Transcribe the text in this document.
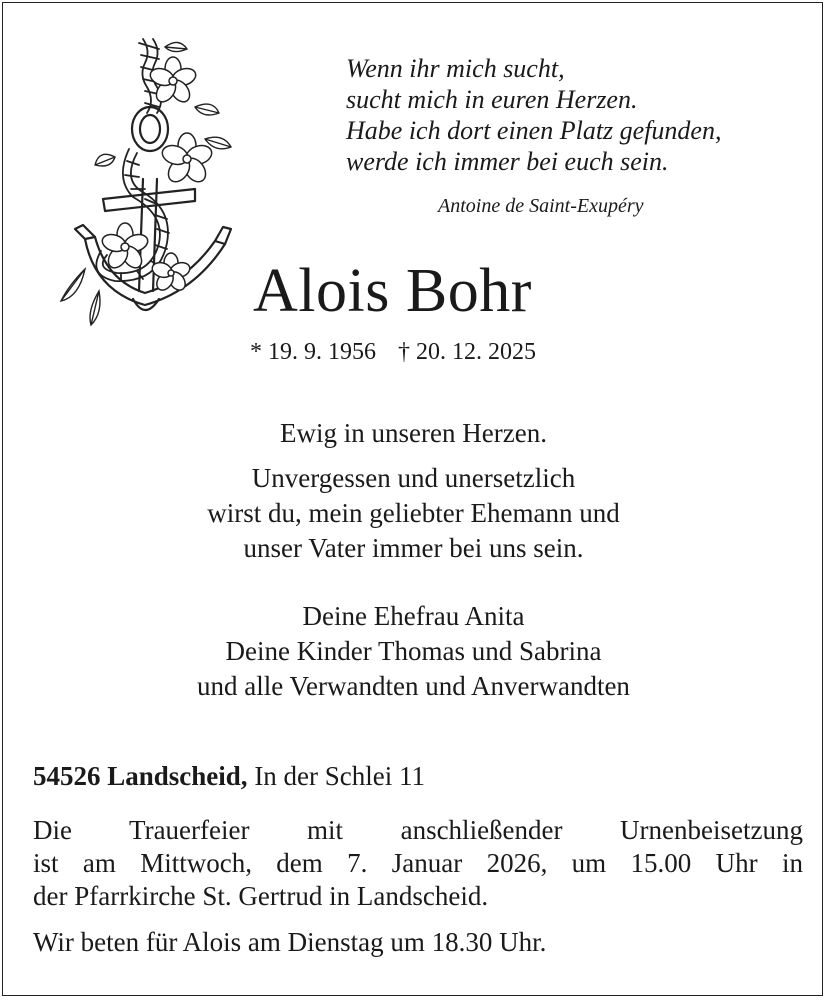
Wenn ihr mich sucht,
sucht mich in euren Herzen.
Habe ich dort einen Platz gefunden,
werde ich immer bei euch sein.
Antoine de Saint-Exupéry
Alois Bohr
* 19. 9. 1956 † 20. 12. 2025
Ewig in unseren Herzen.
Unvergessen und unersetzlich
wirst du, mein geliebter Ehemann und
unser Vater immer bei uns sein.
Deine Ehefrau Anita
Deine Kinder Thomas und Sabrina
und alle Verwandten und Anverwandten
54526 Landscheid, In der Schlei 11
Die Trauerfeier mit anschließender Urnenbeisetzung
ist am Mittwoch, dem 7. Januar 2026, um 15.00 Uhr in
der Pfarrkirche St. Gertrud in Landscheid.
Wir beten für Alois am Dienstag um 18.30 Uhr.
